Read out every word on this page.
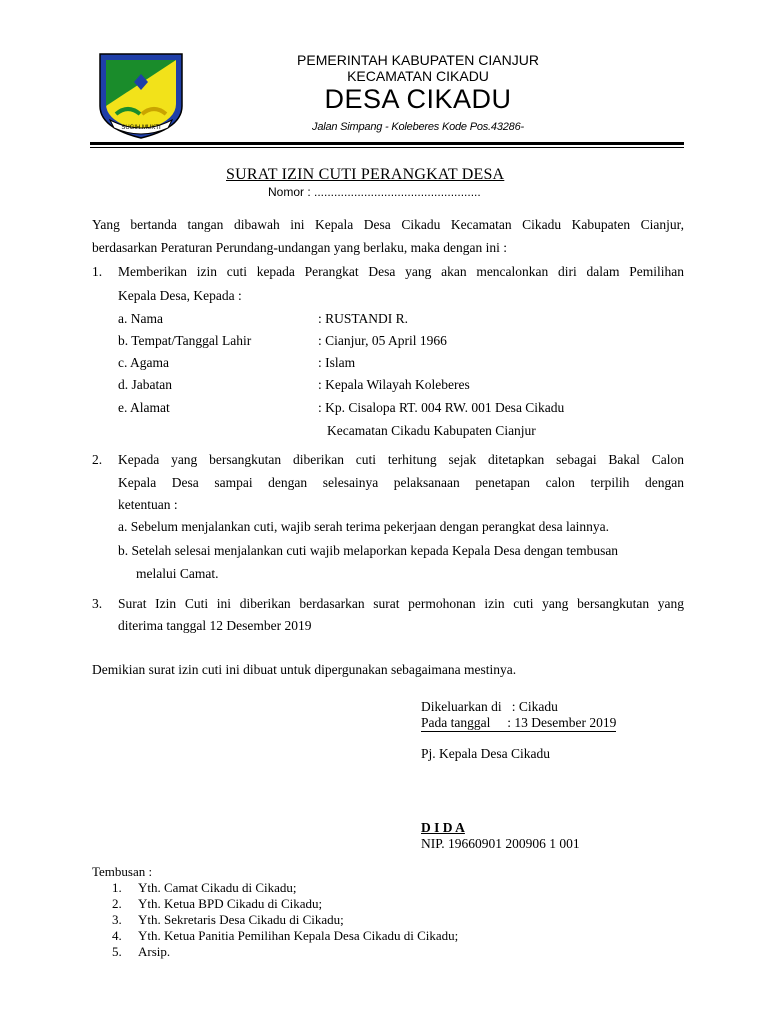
SUGIH MUKTI
PEMERINTAH KABUPATEN CIANJUR
KECAMATAN CIKADU
DESA CIKADU
Jalan Simpang - Koleberes Kode Pos.43286-
SURAT IZIN CUTI PERANGKAT DESA
Nomor : ..................................................
Yang bertanda tangan dibawah ini Kepala Desa Cikadu Kecamatan Cikadu Kabupaten Cianjur,
berdasarkan Peraturan Perundang-undangan yang berlaku, maka dengan ini :
1. Memberikan izin cuti kepada Perangkat Desa yang akan mencalonkan diri dalam Pemilihan
Kepala Desa, Kepada :
a. Nama	: RUSTANDI R.
b. Tempat/Tanggal Lahir	: Cianjur, 05 April 1966
c. Agama	: Islam
d. Jabatan	: Kepala Wilayah Koleberes
e. Alamat	: Kp. Cisalopa RT. 004 RW. 001 Desa Cikadu
Kecamatan Cikadu Kabupaten Cianjur
2. Kepada yang bersangkutan diberikan cuti terhitung sejak ditetapkan sebagai Bakal Calon
Kepala Desa sampai dengan selesainya pelaksanaan penetapan calon terpilih dengan
ketentuan :
a. Sebelum menjalankan cuti, wajib serah terima pekerjaan dengan perangkat desa lainnya.
b. Setelah selesai menjalankan cuti wajib melaporkan kepada Kepala Desa dengan tembusan
melalui Camat.
3. Surat Izin Cuti ini diberikan berdasarkan surat permohonan izin cuti yang bersangkutan yang
diterima tanggal 12 Desember 2019
Demikian surat izin cuti ini dibuat untuk dipergunakan sebagaimana mestinya.
Dikeluarkan di   : Cikadu
Pada tanggal     : 13 Desember 2019
Pj. Kepala Desa Cikadu
D I D A
NIP. 19660901 200906 1 001
Tembusan :
1. Yth. Camat Cikadu di Cikadu;
2. Yth. Ketua BPD Cikadu di Cikadu;
3. Yth. Sekretaris Desa Cikadu di Cikadu;
4. Yth. Ketua Panitia Pemilihan Kepala Desa Cikadu di Cikadu;
5. Arsip.
